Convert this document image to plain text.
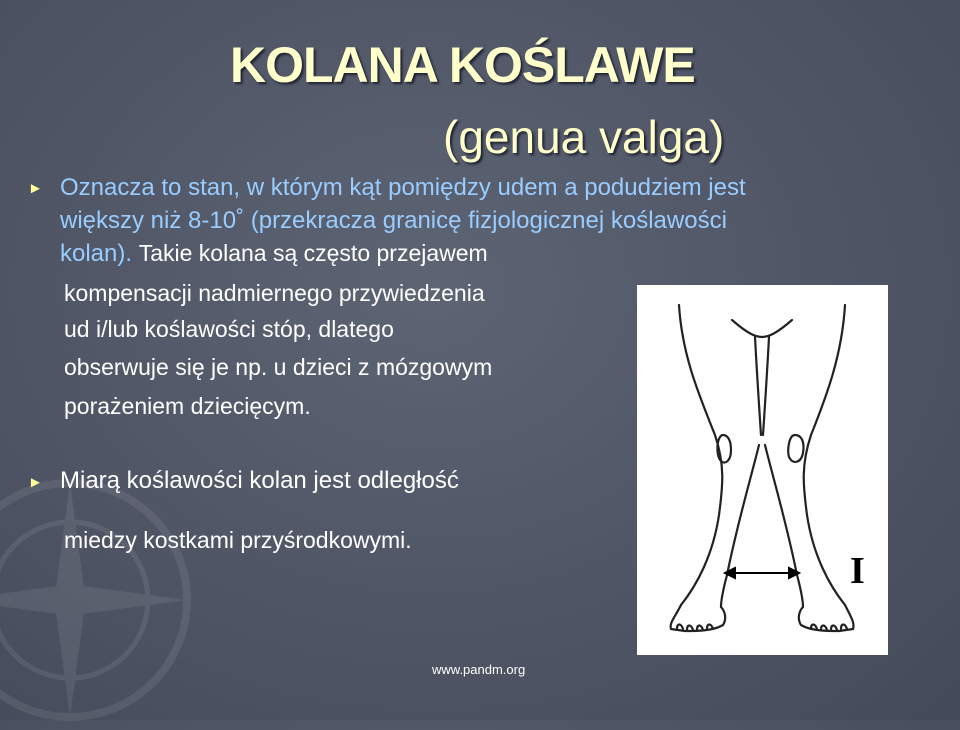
KOLANA KOŚLAWE
(genua valga)
► Oznacza to stan, w którym kąt pomiędzy udem a podudziem jest
większy niż 8-10˚ (przekracza granicę fizjologicznej koślawości
kolan). Takie kolana są często przejawem
kompensacji nadmiernego przywiedzenia
ud i/lub koślawości stóp, dlatego
obserwuje się je np. u dzieci z mózgowym
porażeniem dziecięcym.
► Miarą koślawości kolan jest odległość
miedzy kostkami przyśrodkowymi.
I
www.pandm.org
